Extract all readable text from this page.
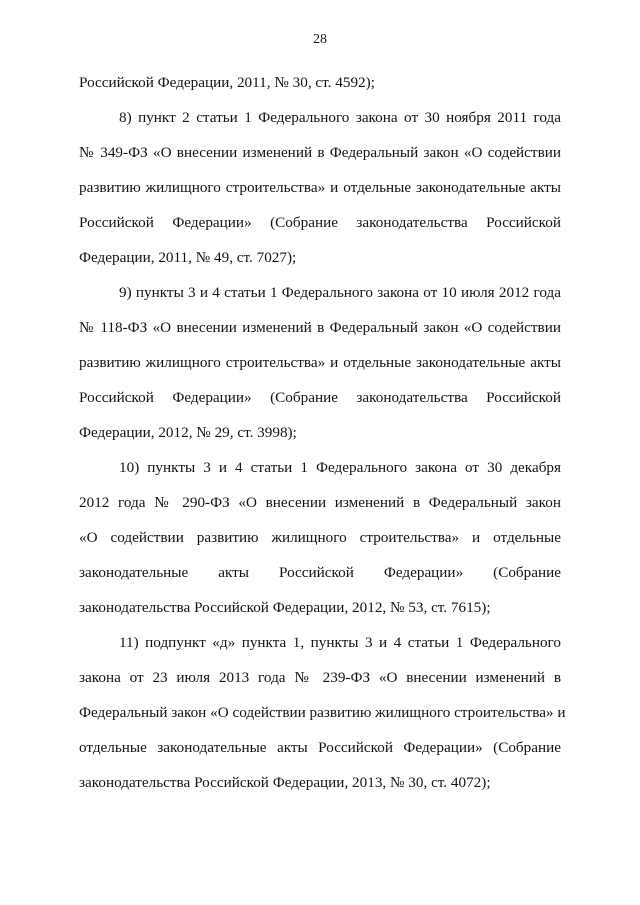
28
Российской Федерации, 2011, № 30, ст. 4592);
8) пункт 2 статьи 1 Федерального закона от 30 ноября 2011 года
№ 349-ФЗ «О внесении изменений в Федеральный закон «О содействии
развитию жилищного строительства» и отдельные законодательные акты
Российской Федерации» (Собрание законодательства Российской
Федерации, 2011, № 49, ст. 7027);
9) пункты 3 и 4 статьи 1 Федерального закона от 10 июля 2012 года
№ 118-ФЗ «О внесении изменений в Федеральный закон «О содействии
развитию жилищного строительства» и отдельные законодательные акты
Российской Федерации» (Собрание законодательства Российской
Федерации, 2012, № 29, ст. 3998);
10) пункты 3 и 4 статьи 1 Федерального закона от 30 декабря
2012 года № 290-ФЗ «О внесении изменений в Федеральный закон
«О содействии развитию жилищного строительства» и отдельные
законодательные акты Российской Федерации» (Собрание
законодательства Российской Федерации, 2012, № 53, ст. 7615);
11) подпункт «д» пункта 1, пункты 3 и 4 статьи 1 Федерального
закона от 23 июля 2013 года № 239-ФЗ «О внесении изменений в
Федеральный закон «О содействии развитию жилищного строительства» и
отдельные законодательные акты Российской Федерации» (Собрание
законодательства Российской Федерации, 2013, № 30, ст. 4072);
